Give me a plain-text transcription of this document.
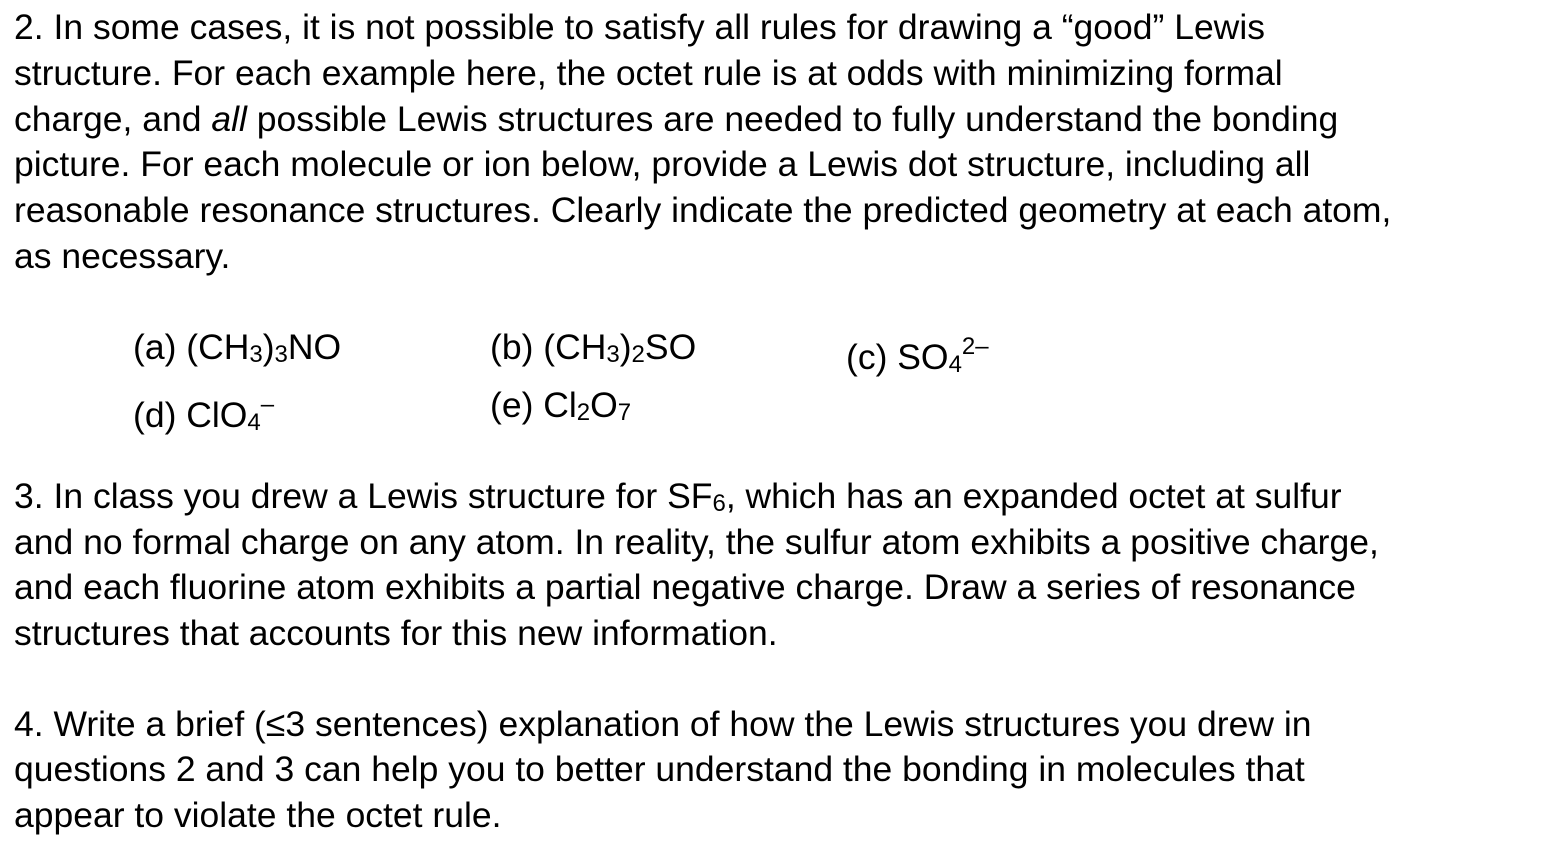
2. In some cases, it is not possible to satisfy all rules for drawing a “good” Lewis
structure. For each example here, the octet rule is at odds with minimizing formal
charge, and all possible Lewis structures are needed to fully understand the bonding
picture. For each molecule or ion below, provide a Lewis dot structure, including all
reasonable resonance structures. Clearly indicate the predicted geometry at each atom,
as necessary.
(a) (CH3)3NO	(b) (CH3)2SO	(c) $SO4^{2-}$
(d) ClO4–	(e) Cl2O7
3. In class you drew a Lewis structure for SF6, which has an expanded octet at sulfur
and no formal charge on any atom. In reality, the sulfur atom exhibits a positive charge,
and each fluorine atom exhibits a partial negative charge. Draw a series of resonance
structures that accounts for this new information.
4. Write a brief (≤3 sentences) explanation of how the Lewis structures you drew in
questions 2 and 3 can help you to better understand the bonding in molecules that
appear to violate the octet rule.
